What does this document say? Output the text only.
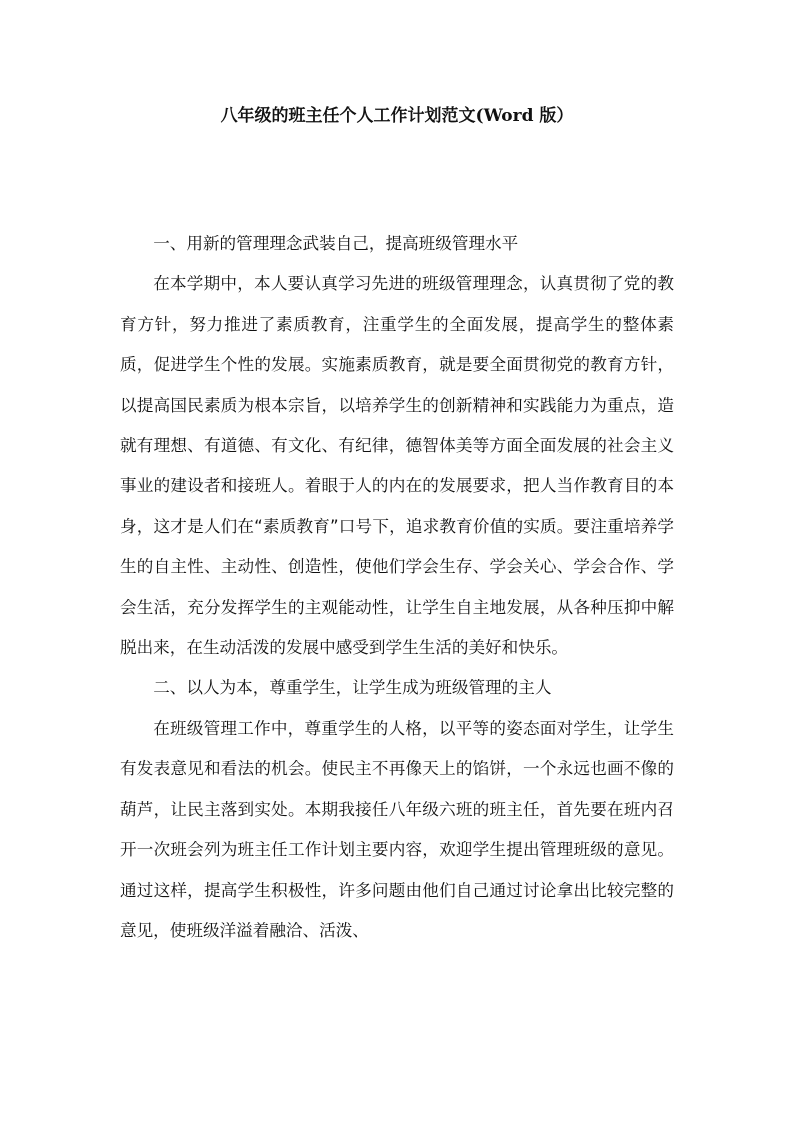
八年级的班主任个人工作计划范文(Word 版）

一、用新的管理理念武装自己，提高班级管理水平

在本学期中，本人要认真学习先进的班级管理理念，认真贯彻了党的教育方针，努力推进了素质教育，注重学生的全面发展，提高学生的整体素质，促进学生个性的发展。实施素质教育，就是要全面贯彻党的教育方针，以提高国民素质为根本宗旨，以培养学生的创新精神和实践能力为重点，造就有理想、有道德、有文化、有纪律，德智体美等方面全面发展的社会主义事业的建设者和接班人。着眼于人的内在的发展要求，把人当作教育目的本身，这才是人们在“素质教育”口号下，追求教育价值的实质。要注重培养学生的自主性、主动性、创造性，使他们学会生存、学会关心、学会合作、学会生活，充分发挥学生的主观能动性，让学生自主地发展，从各种压抑中解脱出来，在生动活泼的发展中感受到学生生活的美好和快乐。

二、以人为本，尊重学生，让学生成为班级管理的主人

在班级管理工作中，尊重学生的人格，以平等的姿态面对学生，让学生有发表意见和看法的机会。使民主不再像天上的馅饼，一个永远也画不像的葫芦，让民主落到实处。本期我接任八年级六班的班主任，首先要在班内召开一次班会列为班主任工作计划主要内容，欢迎学生提出管理班级的意见。通过这样，提高学生积极性，许多问题由他们自己通过讨论拿出比较完整的意见，使班级洋溢着融洽、活泼、
